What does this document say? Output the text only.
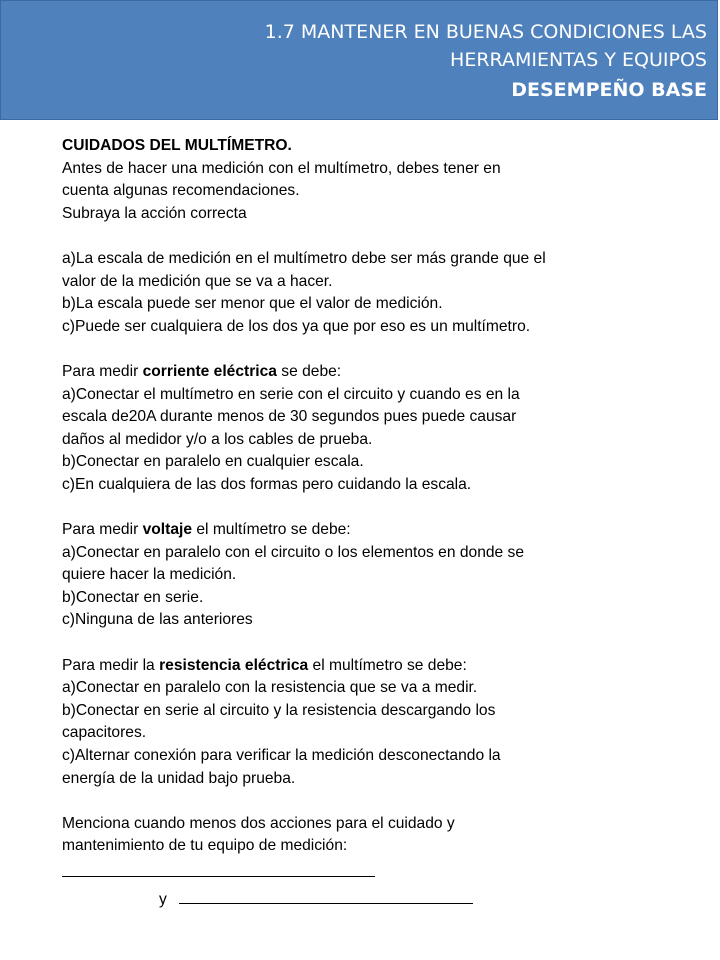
1.7 MANTENER EN BUENAS CONDICIONES LAS
HERRAMIENTAS Y EQUIPOS
DESEMPEÑO BASE

CUIDADOS DEL MULTÍMETRO.

Antes de hacer una medición con el multímetro, debes tener en

cuenta algunas recomendaciones.

Subraya la acción correcta

a)La escala de medición en el multímetro debe ser más grande que el

valor de la medición que se va a hacer.

b)La escala puede ser menor que el valor de medición.

c)Puede ser cualquiera de los dos ya que por eso es un multímetro.

Para medir corriente eléctrica se debe:

a)Conectar el multímetro en serie con el circuito y cuando es en la

escala de20A durante menos de 30 segundos pues puede causar

daños al medidor y/o a los cables de prueba.

b)Conectar en paralelo en cualquier escala.

c)En cualquiera de las dos formas pero cuidando la escala.

Para medir voltaje el multímetro se debe:

a)Conectar en paralelo con el circuito o los elementos en donde se

quiere hacer la medición.

b)Conectar en serie.

c)Ninguna de las anteriores

Para medir la resistencia eléctrica el multímetro se debe:

a)Conectar en paralelo con la resistencia que se va a medir.

b)Conectar en serie al circuito y la resistencia descargando los

capacitores.

c)Alternar conexión para verificar la medición desconectando la

energía de la unidad bajo prueba.

Menciona cuando menos dos acciones para el cuidado y

mantenimiento de tu equipo de medición:

y
